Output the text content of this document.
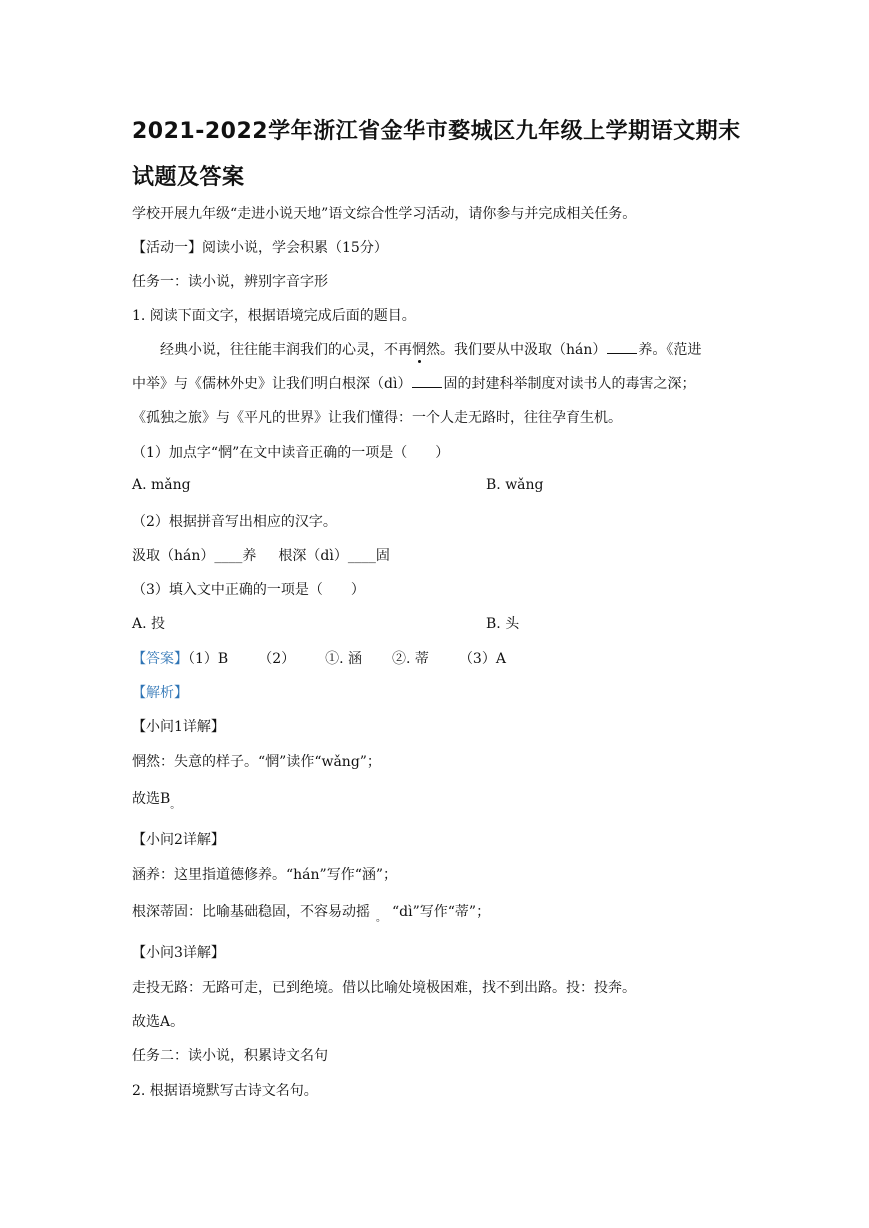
2021-2022学年浙江省金华市婺城区九年级上学期语文期末
试题及答案
学校开展九年级“走进小说天地”语文综合性学习活动，请你参与并完成相关任务。
【活动一】阅读小说，学会积累（15分）
任务一：读小说，辨别字音字形
1. 阅读下面文字，根据语境完成后面的题目。
经典小说，往往能丰润我们的心灵，不再惘然。我们要从中汲取（hán） 养。《范进
中举》与《儒林外史》让我们明白根深（dì） 固的封建科举制度对读书人的毒害之深；
《孤独之旅》与《平凡的世界》让我们懂得：一个人走无路时，往往孕育生机。
（1）加点字“惘”在文中读音正确的一项是（　　）
A. mǎng	B. wǎng
（2）根据拼音写出相应的汉字。
汲取（hán）____养 根深（dì）____固
（3）填入文中正确的一项是（　　）
A. 投	B. 头
【答案】（1）B （2） ①. 涵 ②. 蒂 （3）A
【解析】
【小问1详解】
惘然：失意的样子。“惘”读作“wǎng”；
故选$B_。$
【小问2详解】
涵养：这里指道德修养。“hán”写作“涵”；
根深蒂固：比喻基础稳固，不容易动摇 $_。$ “dì”写作“蒂”；
【小问3详解】
走投无路：无路可走，已到绝境。借以比喻处境极困难，找不到出路。投：投奔。
故选A。
任务二：读小说，积累诗文名句
2. 根据语境默写古诗文名句。
